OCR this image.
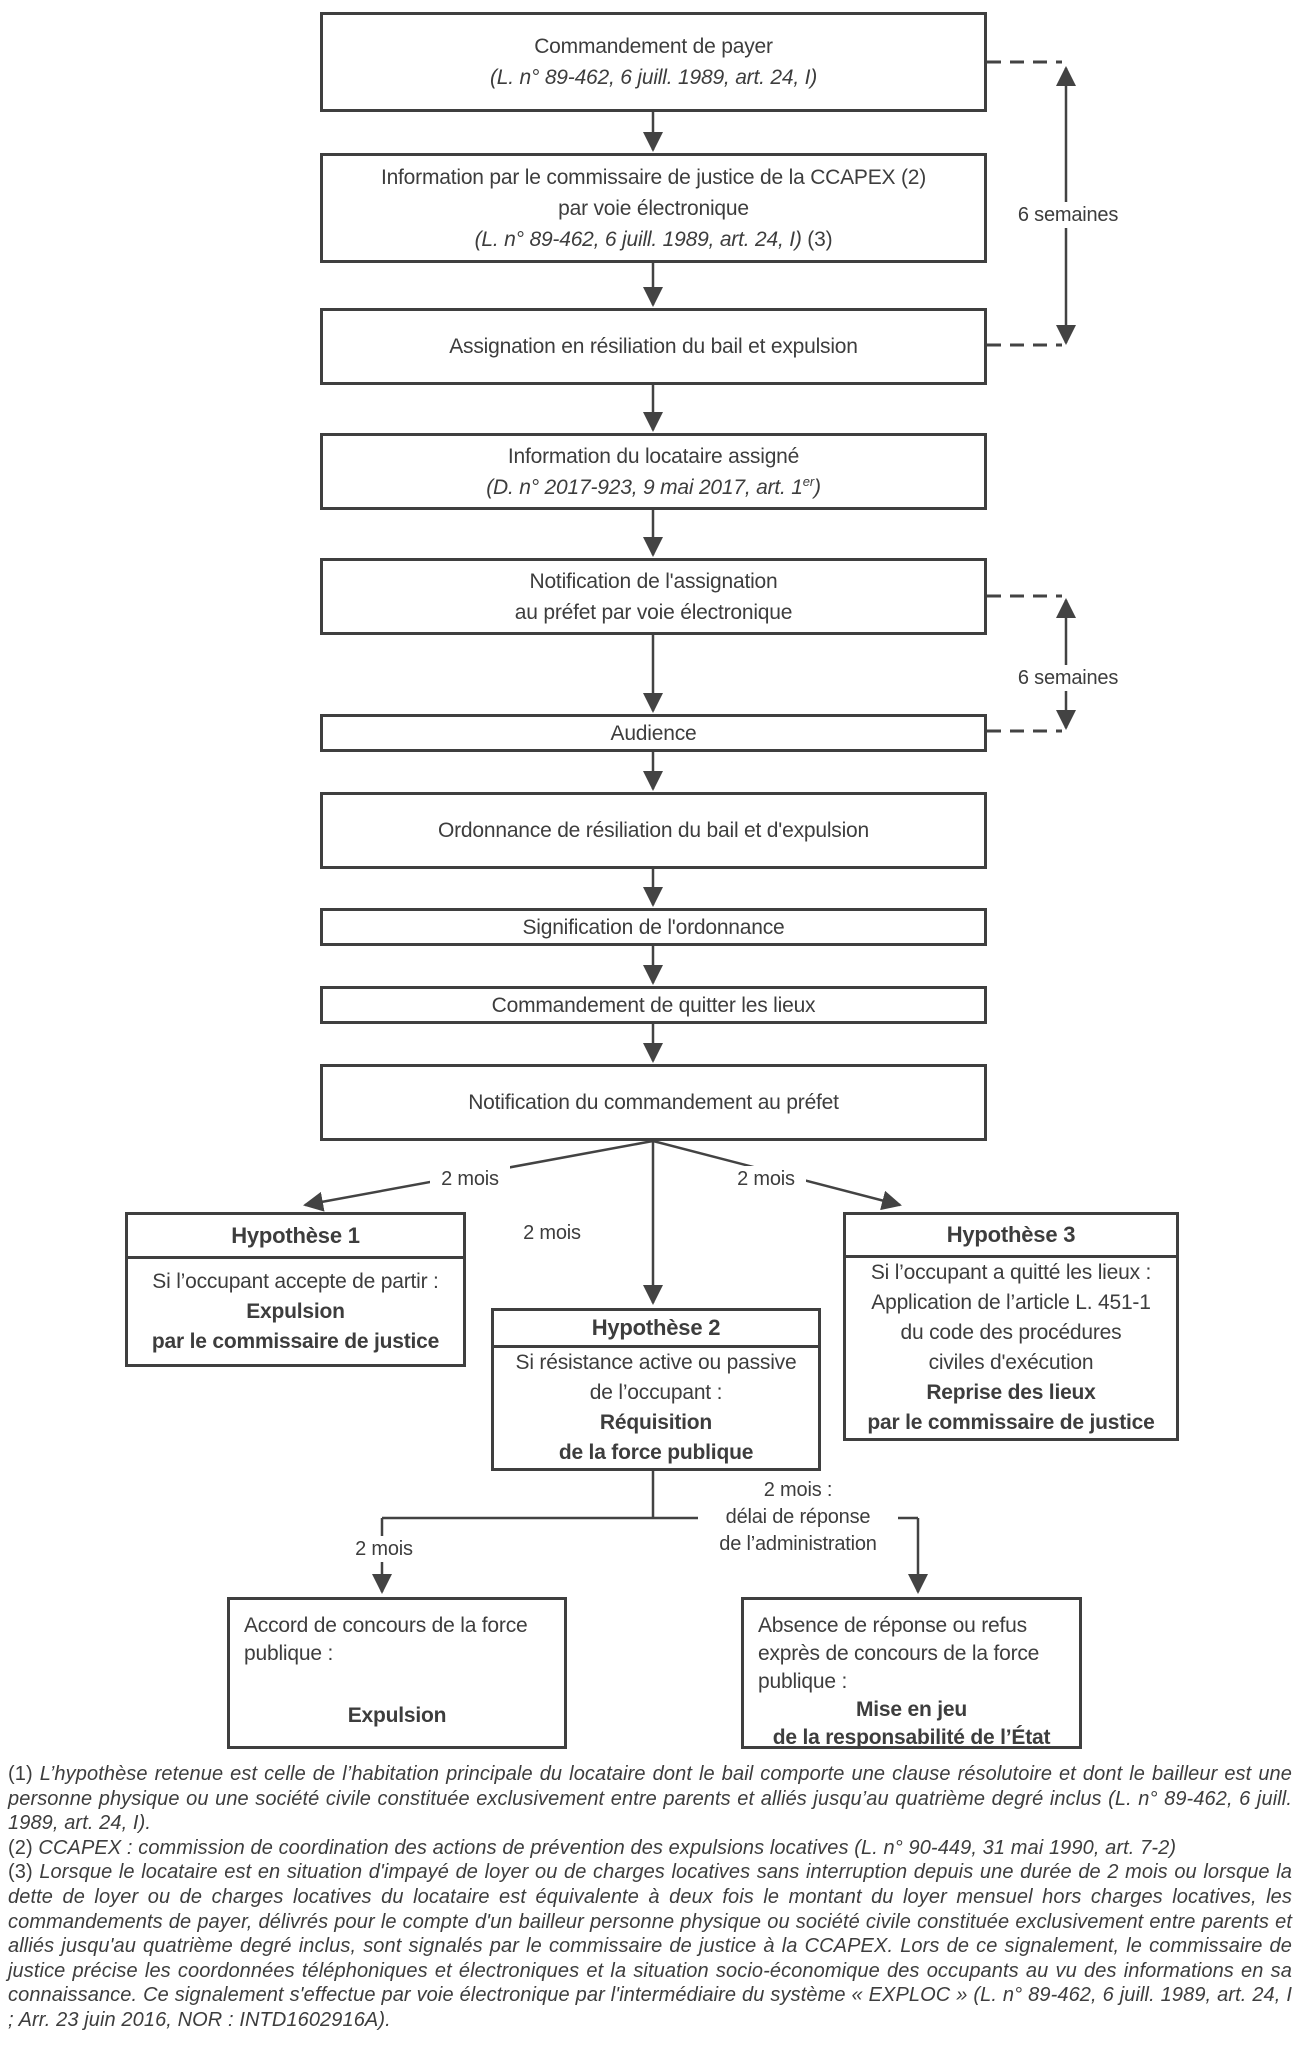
Commandement de payer
(L. n° 89-462, 6 juill. 1989, art. 24, I)
Information par le commissaire de justice de la CCAPEX (2)
par voie électronique
(L. n° 89-462, 6 juill. 1989, art. 24, I) (3)
Assignation en résiliation du bail et expulsion
Information du locataire assigné
(D. n° 2017-923, 9 mai 2017, art. 1er)
Notification de l'assignation
au préfet par voie électronique
Audience
Ordonnance de résiliation du bail et d'expulsion
Signification de l'ordonnance
Commandement de quitter les lieux
Notification du commandement au préfet
Hypothèse 1
Si l’occupant accepte de partir :
Expulsion
par le commissaire de justice
Hypothèse 2
Si résistance active ou passive
de l’occupant :
Réquisition
de la force publique
Hypothèse 3
Si l’occupant a quitté les lieux :
Application de l’article L. 451-1
du code des procédures
civiles d'exécution
Reprise des lieux
par le commissaire de justice
Accord de concours de la force
publique :
Expulsion
Absence de réponse ou refus
exprès de concours de la force
publique :
Mise en jeu
de la responsabilité de l’État
6 semaines
6 semaines
2 mois
2 mois
2 mois
2 mois
2 mois :
délai de réponse
de l’administration

(1) L’hypothèse retenue est celle de l’habitation principale du locataire dont le bail comporte une clause résolutoire et dont le bailleur est une personne physique ou une société civile constituée exclusivement entre parents et alliés jusqu’au quatrième degré inclus (L. n° 89-462, 6 juill. 1989, art. 24, I).

(2) CCAPEX : commission de coordination des actions de prévention des expulsions locatives (L. n° 90-449, 31 mai 1990, art. 7-2)

(3) Lorsque le locataire est en situation d'impayé de loyer ou de charges locatives sans interruption depuis une durée de 2 mois ou lorsque la dette de loyer ou de charges locatives du locataire est équivalente à deux fois le montant du loyer mensuel hors charges locatives, les commandements de payer, délivrés pour le compte d'un bailleur personne physique ou société civile constituée exclusivement entre parents et alliés jusqu'au quatrième degré inclus, sont signalés par le commissaire de justice à la CCAPEX. Lors de ce signalement, le commissaire de justice précise les coordonnées téléphoniques et électroniques et la situation socio-économique des occupants au vu des informations en sa connaissance. Ce signalement s'effectue par voie électronique par l'intermédiaire du système « EXPLOC » (L. n° 89-462, 6 juill. 1989, art. 24, I ; Arr. 23 juin 2016, NOR : INTD1602916A).
